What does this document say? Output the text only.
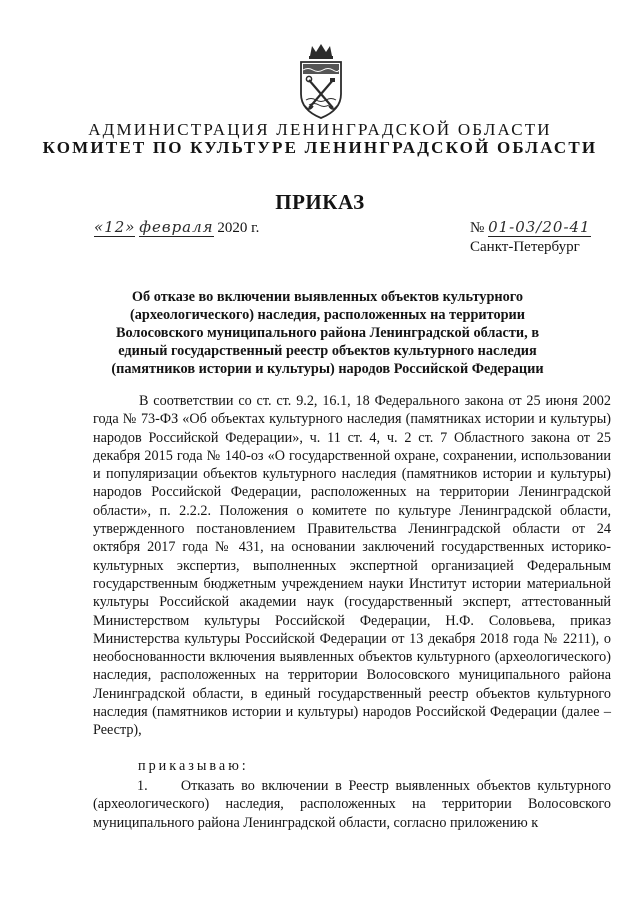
АДМИНИСТРАЦИЯ ЛЕНИНГРАДСКОЙ ОБЛАСТИ
КОМИТЕТ ПО КУЛЬТУРЕ ЛЕНИНГРАДСКОЙ ОБЛАСТИ
ПРИКАЗ
«12» февраля 2020 г.	№ 01-03/20-41
Санкт-Петербург
Об отказе во включении выявленных объектов культурного (археологического) наследия, расположенных на территории Волосовского муниципального района Ленинградской области, в единый государственный реестр объектов культурного наследия (памятников истории и культуры) народов Российской Федерации

В соответствии со ст. ст. 9.2, 16.1, 18 Федерального закона от 25 июня 2002 года № 73-ФЗ «Об объектах культурного наследия (памятниках истории и культуры) народов Российской Федерации», ч. 11 ст. 4, ч. 2 ст. 7 Областного закона от 25 декабря 2015 года № 140-оз «О государственной охране, сохранении, использовании и популяризации объектов культурного наследия (памятников истории и культуры) народов Российской Федерации, расположенных на территории Ленинградской области», п. 2.2.2. Положения о комитете по культуре Ленинградской области, утвержденного постановлением Правительства Ленинградской области от 24 октября 2017 года № 431, на основании заключений государственных историко-культурных экспертиз, выполненных экспертной организацией Федеральным государственным бюджетным учреждением науки Институт истории материальной культуры Российской академии наук (государственный эксперт, аттестованный Министерством культуры Российской Федерации, Н.Ф. Соловьева, приказ Министерства культуры Российской Федерации от 13 декабря 2018 года № 2211), о необоснованности включения выявленных объектов культурного (археологического) наследия, расположенных на территории Волосовского муниципального района Ленинградской области, в единый государственный реестр объектов культурного наследия (памятников истории и культуры) народов Российской Федерации (далее – Реестр),

приказываю:

1.     Отказать во включении в Реестр выявленных объектов культурного (археологического) наследия, расположенных на территории Волосовского муниципального района Ленинградской области, согласно приложению к
